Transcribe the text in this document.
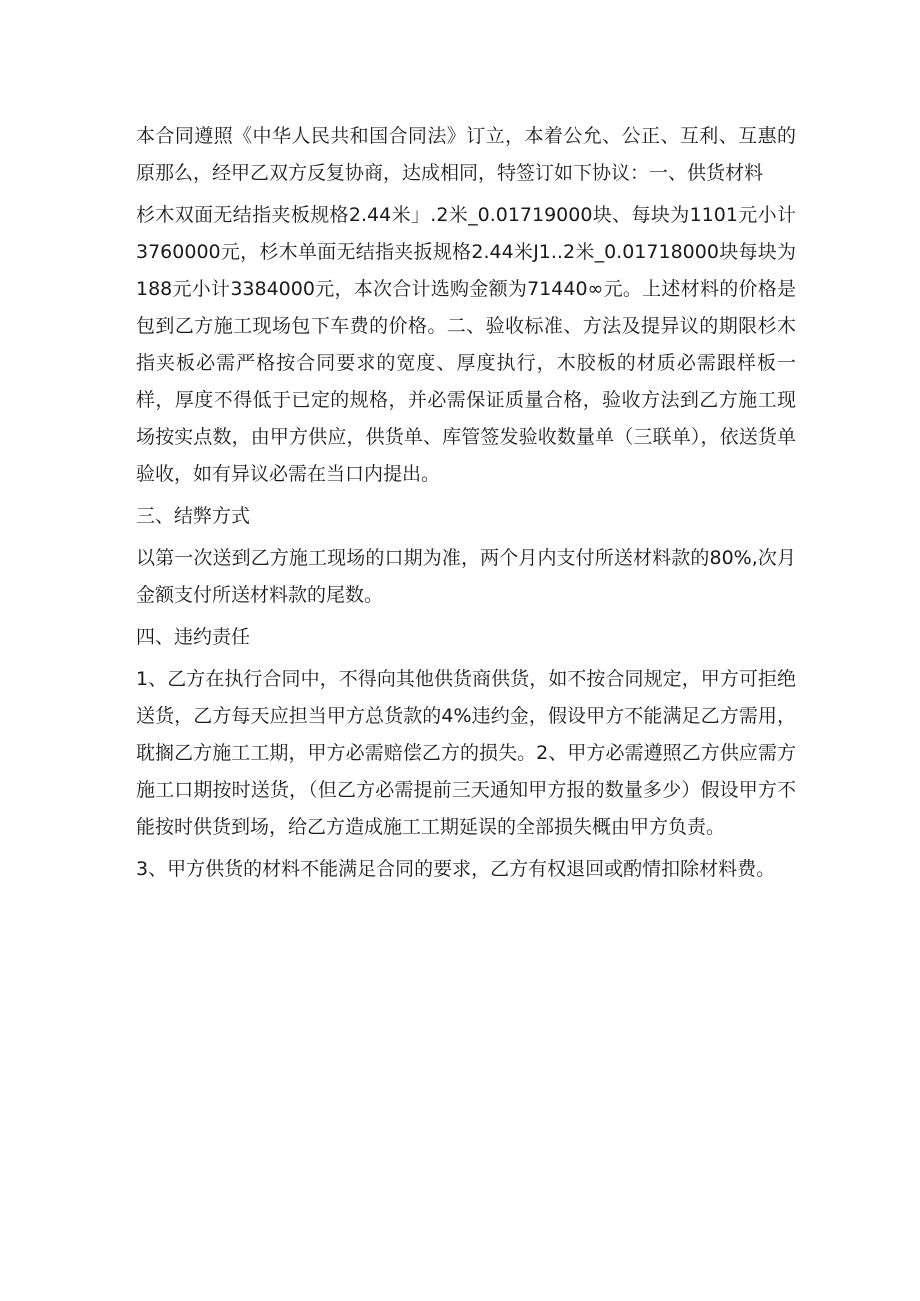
本合同遵照《中华人民共和国合同法》订立，本着公允、公正、互利、互惠的原那么，经甲乙双方反复协商，达成相同，特签订如下协议：一、供货材料

杉木双面无结指夹板规格2.44米」.2米_0.01719000块、每块为1101元小计3760000元，杉木单面无结指夹扳规格2.44米J1..2米_0.01718000块每块为188元小计3384000元，本次合计选购金额为71440∞元。上述材料的价格是包到乙方施工现场包下车费的价格。二、验收标准、方法及提异议的期限杉木指夹板必需严格按合同要求的宽度、厚度执行，木胶板的材质必需跟样板一样，厚度不得低于已定的规格，并必需保证质量合格，验收方法到乙方施工现场按实点数，由甲方供应，供货单、库管签发验收数量单（三联单），依送货单验收，如有异议必需在当口内提出。

三、结弊方式

以第一次送到乙方施工现场的口期为准，两个月内支付所送材料款的80%,次月金额支付所送材料款的尾数。

四、违约责任

1、乙方在执行合同中，不得向其他供货商供货，如不按合同规定，甲方可拒绝送货，乙方每天应担当甲方总货款的4%违约金，假设甲方不能满足乙方需用，耽搁乙方施工工期，甲方必需赔偿乙方的损失。2、甲方必需遵照乙方供应需方施工口期按时送货，（但乙方必需提前三天通知甲方报的数量多少）假设甲方不能按时供货到场，给乙方造成施工工期延误的全部损失概由甲方负责。

3、甲方供货的材料不能满足合同的要求，乙方有权退回或酌情扣除材料费。
